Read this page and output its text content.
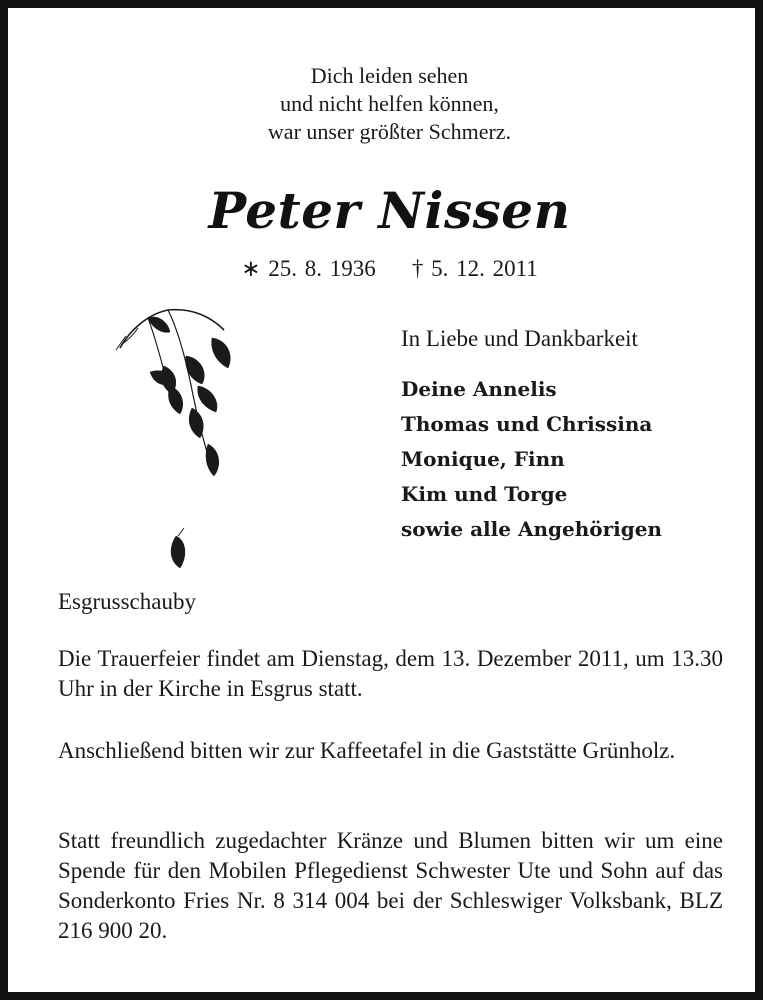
Dich leiden sehen
und nicht helfen können,
war unser größter Schmerz.
Peter Nissen
∗ 25. 8. 1936 † 5. 12. 2011
In Liebe und Dankbarkeit
Deine Annelis
Thomas und Chrissina
Monique, Finn
Kim und Torge
sowie alle Angehörigen
Esgrusschauby
Die Trauerfeier findet am Dienstag, dem 13. Dezember 2011, um 13.30 Uhr in der Kirche in Esgrus statt.
Anschließend bitten wir zur Kaffeetafel in die Gaststätte Grünholz.
Statt freundlich zugedachter Kränze und Blumen bitten wir um eine Spende für den Mobilen Pflegedienst Schwester Ute und Sohn auf das Sonderkonto Fries Nr. 8 314 004 bei der Schleswiger Volksbank, BLZ 216 900 20.
